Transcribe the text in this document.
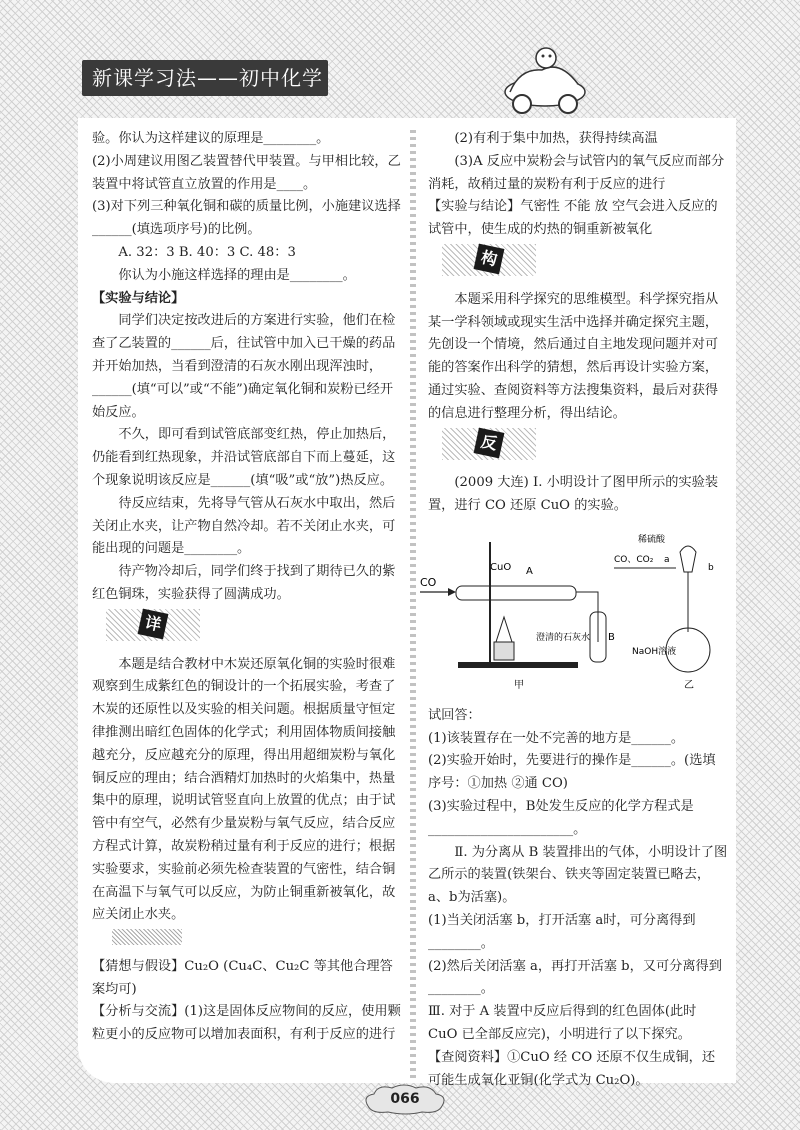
新课学习法——初中化学

验。你认为这样建议的原理是________。

(2)小周建议用图乙装置替代甲装置。与甲相比较，乙装置中将试管直立放置的作用是____。

(3)对下列三种氧化铜和碳的质量比例，小施建议选择______(填选项序号)的比例。

A. 32：3 B. 40：3 C. 48：3

你认为小施这样选择的理由是________。

【实验与结论】

同学们决定按改进后的方案进行实验，他们在检查了乙装置的______后，往试管中加入已干燥的药品并开始加热，当看到澄清的石灰水刚出现浑浊时，______(填“可以”或“不能”)确定氧化铜和炭粉已经开始反应。

不久，即可看到试管底部变红热，停止加热后，仍能看到红热现象，并沿试管底部自下而上蔓延，这个现象说明该反应是______(填“吸”或“放”)热反应。

待反应结束，先将导气管从石灰水中取出，然后关闭止水夹，让产物自然冷却。若不关闭止水夹，可能出现的问题是________。

待产物冷却后，同学们终于找到了期待已久的紫红色铜珠，实验获得了圆满成功。

详

本题是结合教材中木炭还原氧化铜的实验时很难观察到生成紫红色的铜设计的一个拓展实验，考查了木炭的还原性以及实验的相关问题。根据质量守恒定律推测出暗红色固体的化学式；利用固体物质间接触越充分，反应越充分的原理，得出用超细炭粉与氧化铜反应的理由；结合酒精灯加热时的火焰集中，热量集中的原理，说明试管竖直向上放置的优点；由于试管中有空气，必然有少量炭粉与氧气反应，结合反应方程式计算，故炭粉稍过量有利于反应的进行；根据实验要求，实验前必须先检查装置的气密性，结合铜在高温下与氧气可以反应，为防止铜重新被氧化，故应关闭止水夹。

【猜想与假设】Cu₂O (Cu₄C、Cu₂C 等其他合理答案均可)

【分析与交流】(1)这是固体反应物间的反应，使用颗粒更小的反应物可以增加表面积，有利于反应的进行

(2)有利于集中加热，获得持续高温

(3)A 反应中炭粉会与试管内的氧气反应而部分消耗，故稍过量的炭粉有利于反应的进行

【实验与结论】气密性 不能 放 空气会进入反应的试管中，使生成的灼热的铜重新被氧化

构

本题采用科学探究的思维模型。科学探究指从某一学科领域或现实生活中选择并确定探究主题，先创设一个情境，然后通过自主地发现问题并对可能的答案作出科学的猜想，然后再设计实验方案，通过实验、查阅资料等方法搜集资料，最后对获得的信息进行整理分析，得出结论。

反

(2009 大连) Ⅰ. 小明设计了图甲所示的实验装置，进行 CO 还原 CuO 的实验。

CO
CuO A
B
澄清的石灰水
甲
稀硫酸
CO、CO₂ a
b
NaOH溶液
乙

试回答：

(1)该装置存在一处不完善的地方是______。

(2)实验开始时，先要进行的操作是______。(选填序号：①加热 ②通 CO)

(3)实验过程中，B处发生反应的化学方程式是______________________。

Ⅱ. 为分离从 B 装置排出的气体，小明设计了图乙所示的装置(铁架台、铁夹等固定装置已略去，a、b为活塞)。

(1)当关闭活塞 b，打开活塞 a时，可分离得到________。

(2)然后关闭活塞 a，再打开活塞 b，又可分离得到________。

Ⅲ. 对于 A 装置中反应后得到的红色固体(此时 CuO 已全部反应完)，小明进行了以下探究。

【查阅资料】①CuO 经 CO 还原不仅生成铜，还可能生成氧化亚铜(化学式为 Cu₂O)。

066
